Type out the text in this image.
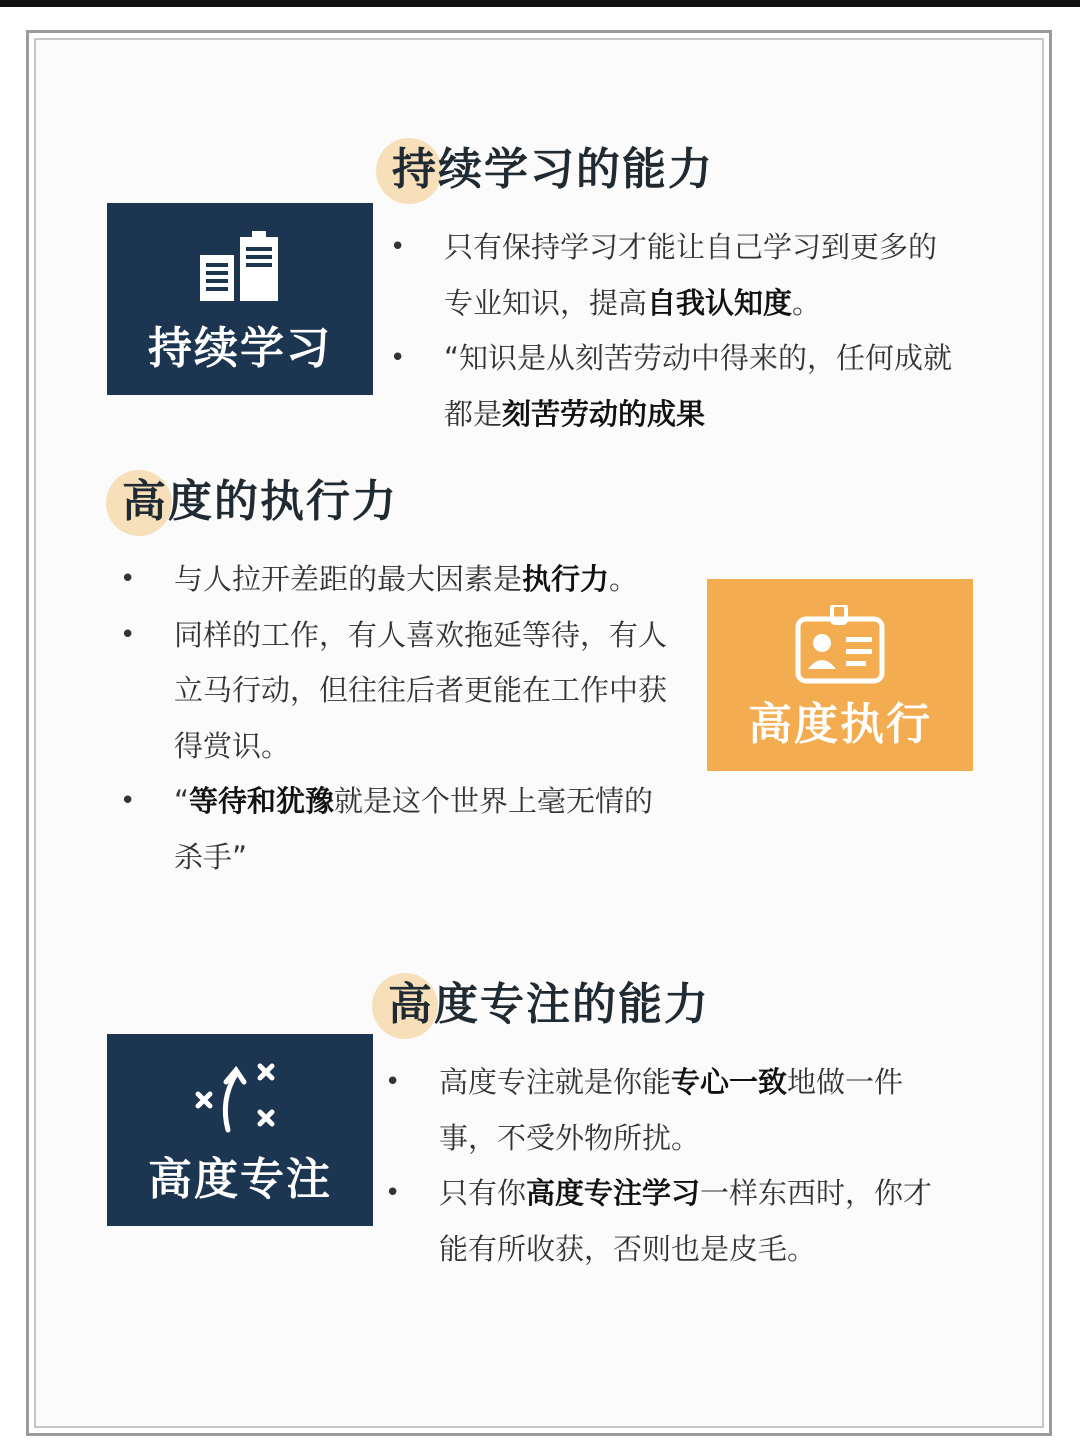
持续学习的能力
持续学习
• 只有保持学习才能让自己学习到更多的专业知识，提高自我认知度。
• “知识是从刻苦劳动中得来的，任何成就都是刻苦劳动的成果
高度的执行力
• 与人拉开差距的最大因素是执行力。
• 同样的工作，有人喜欢拖延等待，有人立马行动，但往往后者更能在工作中获得赏识。
• “等待和犹豫就是这个世界上毫无情的杀手”
高度执行
高度专注的能力
高度专注
• 高度专注就是你能专心一致地做一件事，不受外物所扰。
• 只有你高度专注学习一样东西时，你才能有所收获，否则也是皮毛。
